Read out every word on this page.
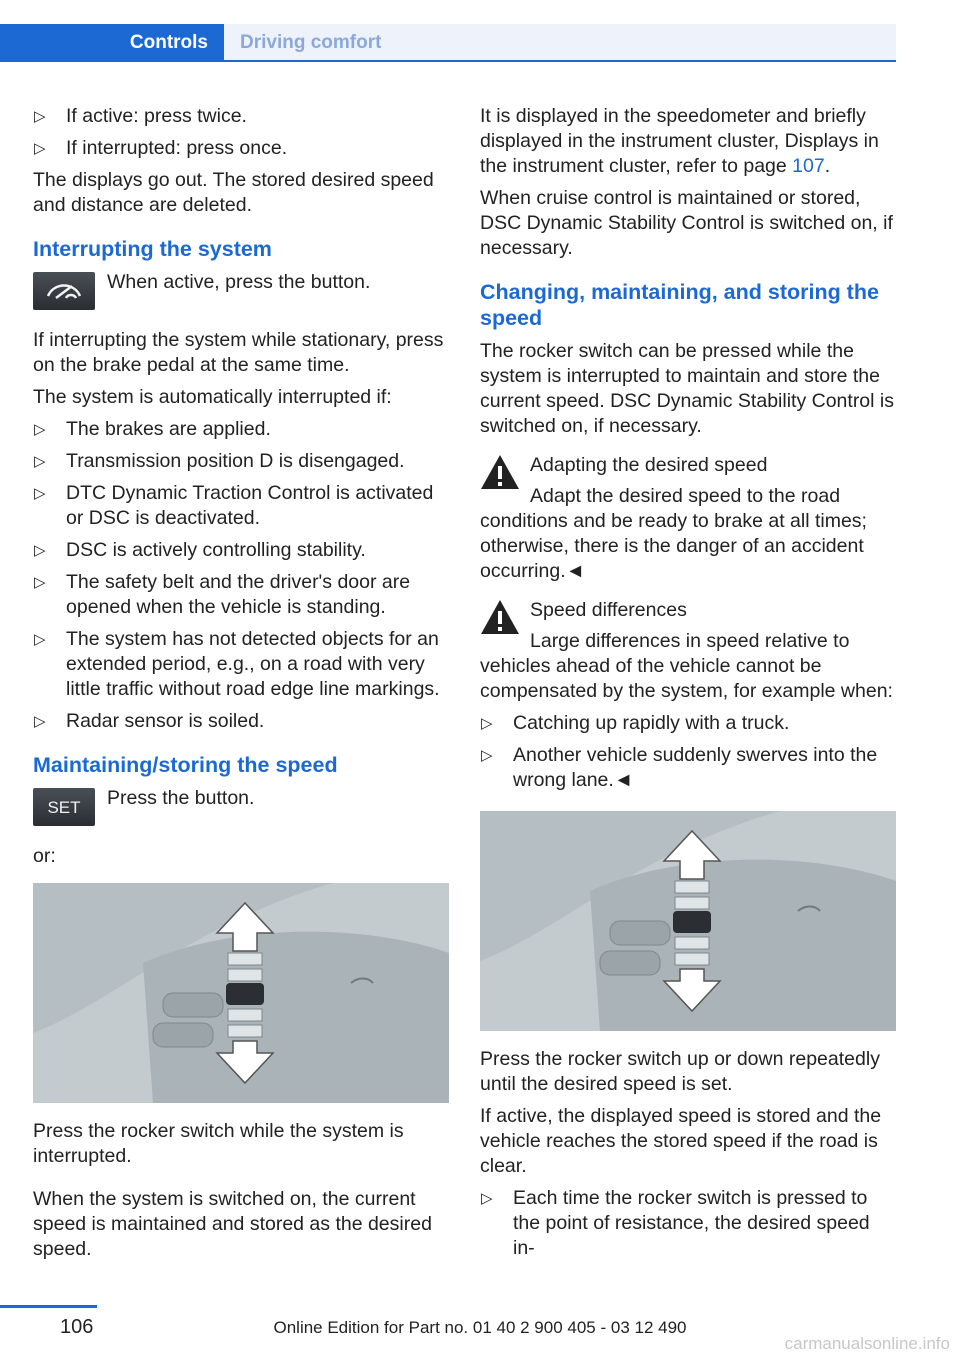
Controls	Driving comfort
▷ If active: press twice.
▷ If interrupted: press once.

The displays go out. The stored desired speed and distance are deleted.

Interrupting the system
When active, press the button.

If interrupting the system while stationary, press on the brake pedal at the same time.

The system is automatically interrupted if:

▷ The brakes are applied.
▷ Transmission position D is disengaged.
▷ DTC Dynamic Traction Control is activated or DSC is deactivated.
▷ DSC is actively controlling stability.
▷ The safety belt and the driver's door are opened when the vehicle is standing.
▷ The system has not detected objects for an extended period, e.g., on a road with very little traffic without road edge line markings.
▷ Radar sensor is soiled.
Maintaining/storing the speed
SET	Press the button.

or:

Press the rocker switch while the system is interrupted.

When the system is switched on, the current speed is maintained and stored as the desired speed.

It is displayed in the speedometer and briefly displayed in the instrument cluster, Displays in the instrument cluster, refer to page 107.

When cruise control is maintained or stored, DSC Dynamic Stability Control is switched on, if necessary.

Changing, maintaining, and storing the speed

The rocker switch can be pressed while the system is interrupted to maintain and store the current speed. DSC Dynamic Stability Control is switched on, if necessary.

Adapting the desired speed

Adapt the desired speed to the road conditions and be ready to brake at all times; otherwise, there is the danger of an accident occurring.◄

Speed differences

Large differences in speed relative to vehicles ahead of the vehicle cannot be compensated by the system, for example when:

▷ Catching up rapidly with a truck.
▷ Another vehicle suddenly swerves into the wrong lane.◄

Press the rocker switch up or down repeatedly until the desired speed is set.

If active, the displayed speed is stored and the vehicle reaches the stored speed if the road is clear.

▷ Each time the rocker switch is pressed to the point of resistance, the desired speed in-
106	Online Edition for Part no. 01 40 2 900 405 - 03 12 490
carmanualsonline.info
